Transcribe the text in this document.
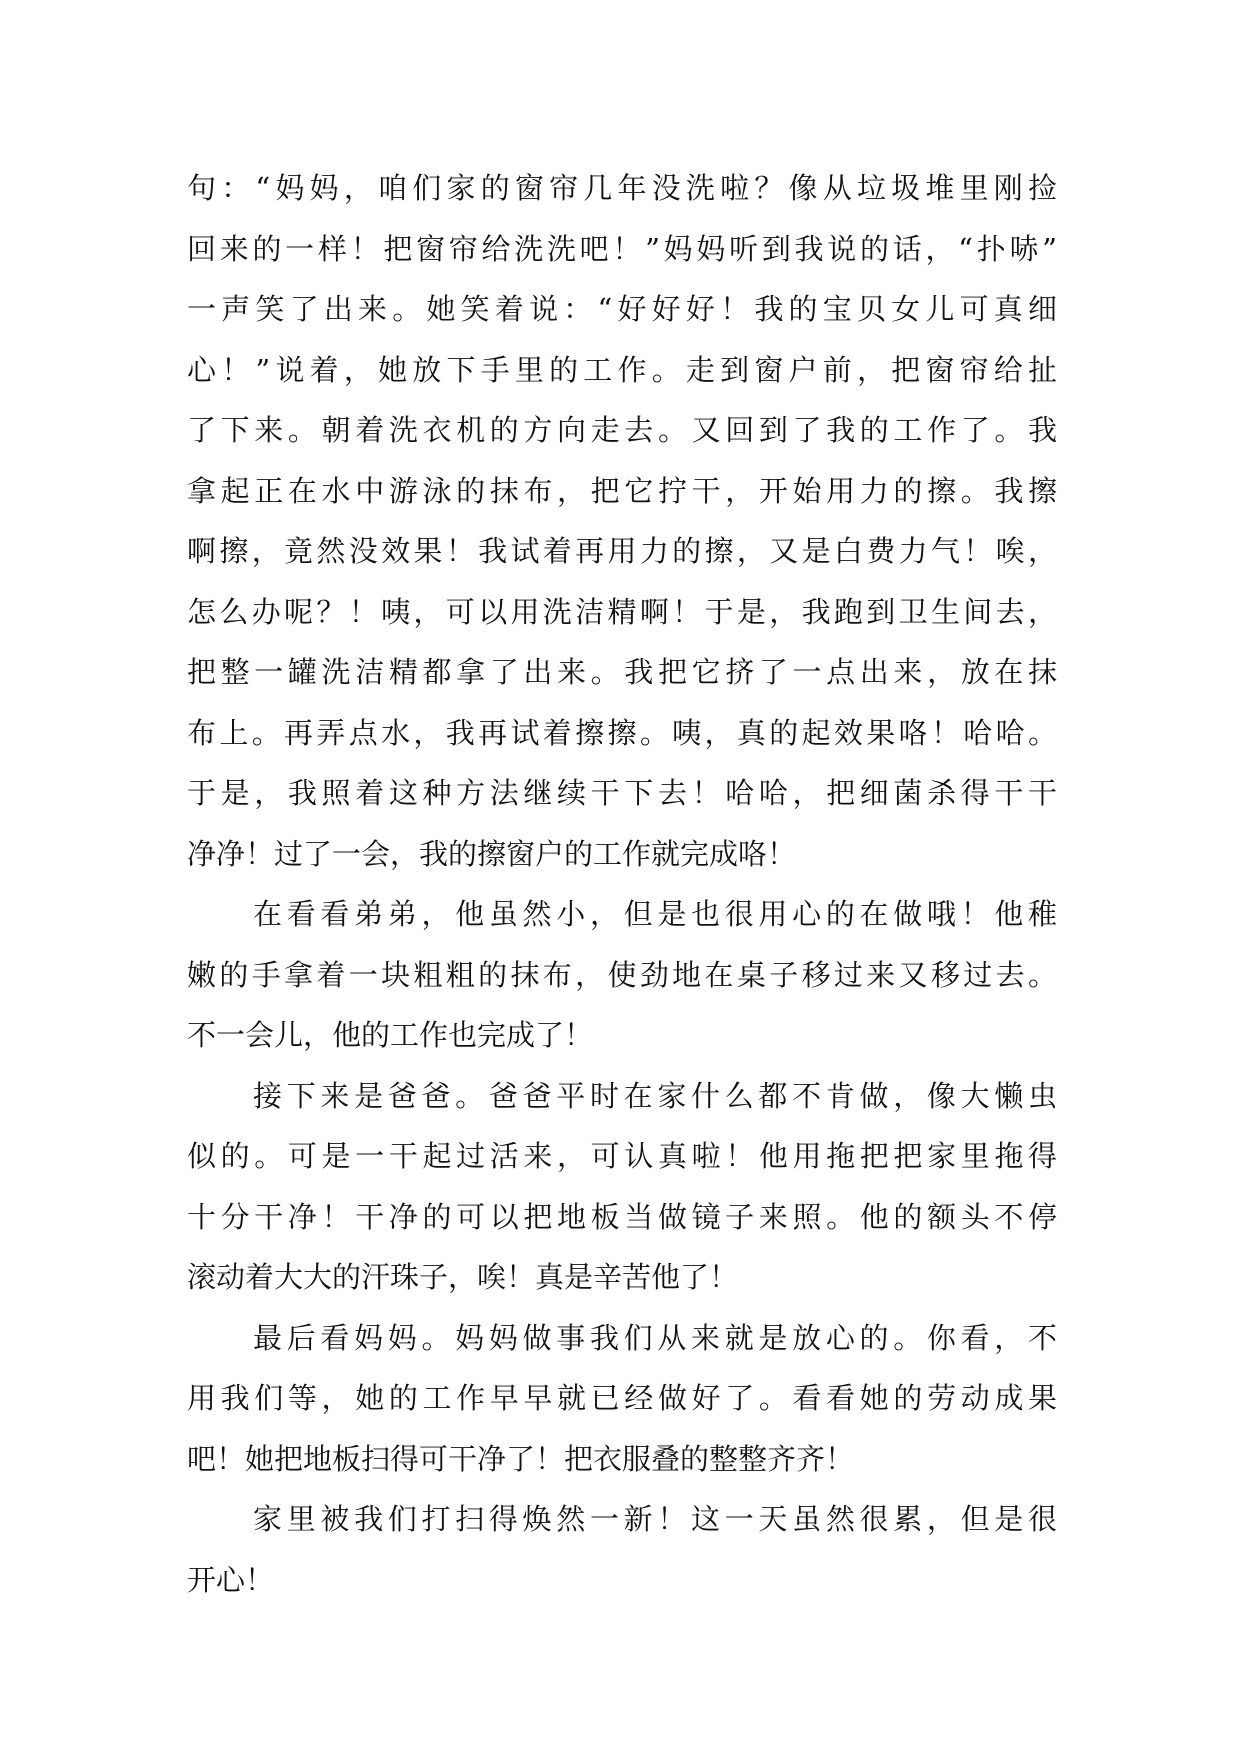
句：“妈妈，咱们家的窗帘几年没洗啦？像从垃圾堆里刚捡
回来的一样！把窗帘给洗洗吧！”妈妈听到我说的话，“扑哧”
一声笑了出来。她笑着说：“好好好！我的宝贝女儿可真细
心！”说着，她放下手里的工作。走到窗户前，把窗帘给扯
了下来。朝着洗衣机的方向走去。又回到了我的工作了。我
拿起正在水中游泳的抹布，把它拧干，开始用力的擦。我擦
啊擦，竟然没效果！我试着再用力的擦，又是白费力气！唉，
怎么办呢？！咦，可以用洗洁精啊！于是，我跑到卫生间去，
把整一罐洗洁精都拿了出来。我把它挤了一点出来，放在抹
布上。再弄点水，我再试着擦擦。咦，真的起效果咯！哈哈。
于是，我照着这种方法继续干下去！哈哈，把细菌杀得干干
净净！过了一会，我的擦窗户的工作就完成咯！
在看看弟弟，他虽然小，但是也很用心的在做哦！他稚
嫩的手拿着一块粗粗的抹布，使劲地在桌子移过来又移过去。
不一会儿，他的工作也完成了！
接下来是爸爸。爸爸平时在家什么都不肯做，像大懒虫
似的。可是一干起过活来，可认真啦！他用拖把把家里拖得
十分干净！干净的可以把地板当做镜子来照。他的额头不停
滚动着大大的汗珠子，唉！真是辛苦他了！
最后看妈妈。妈妈做事我们从来就是放心的。你看，不
用我们等，她的工作早早就已经做好了。看看她的劳动成果
吧！她把地板扫得可干净了！把衣服叠的整整齐齐！
家里被我们打扫得焕然一新！这一天虽然很累，但是很
开心！
